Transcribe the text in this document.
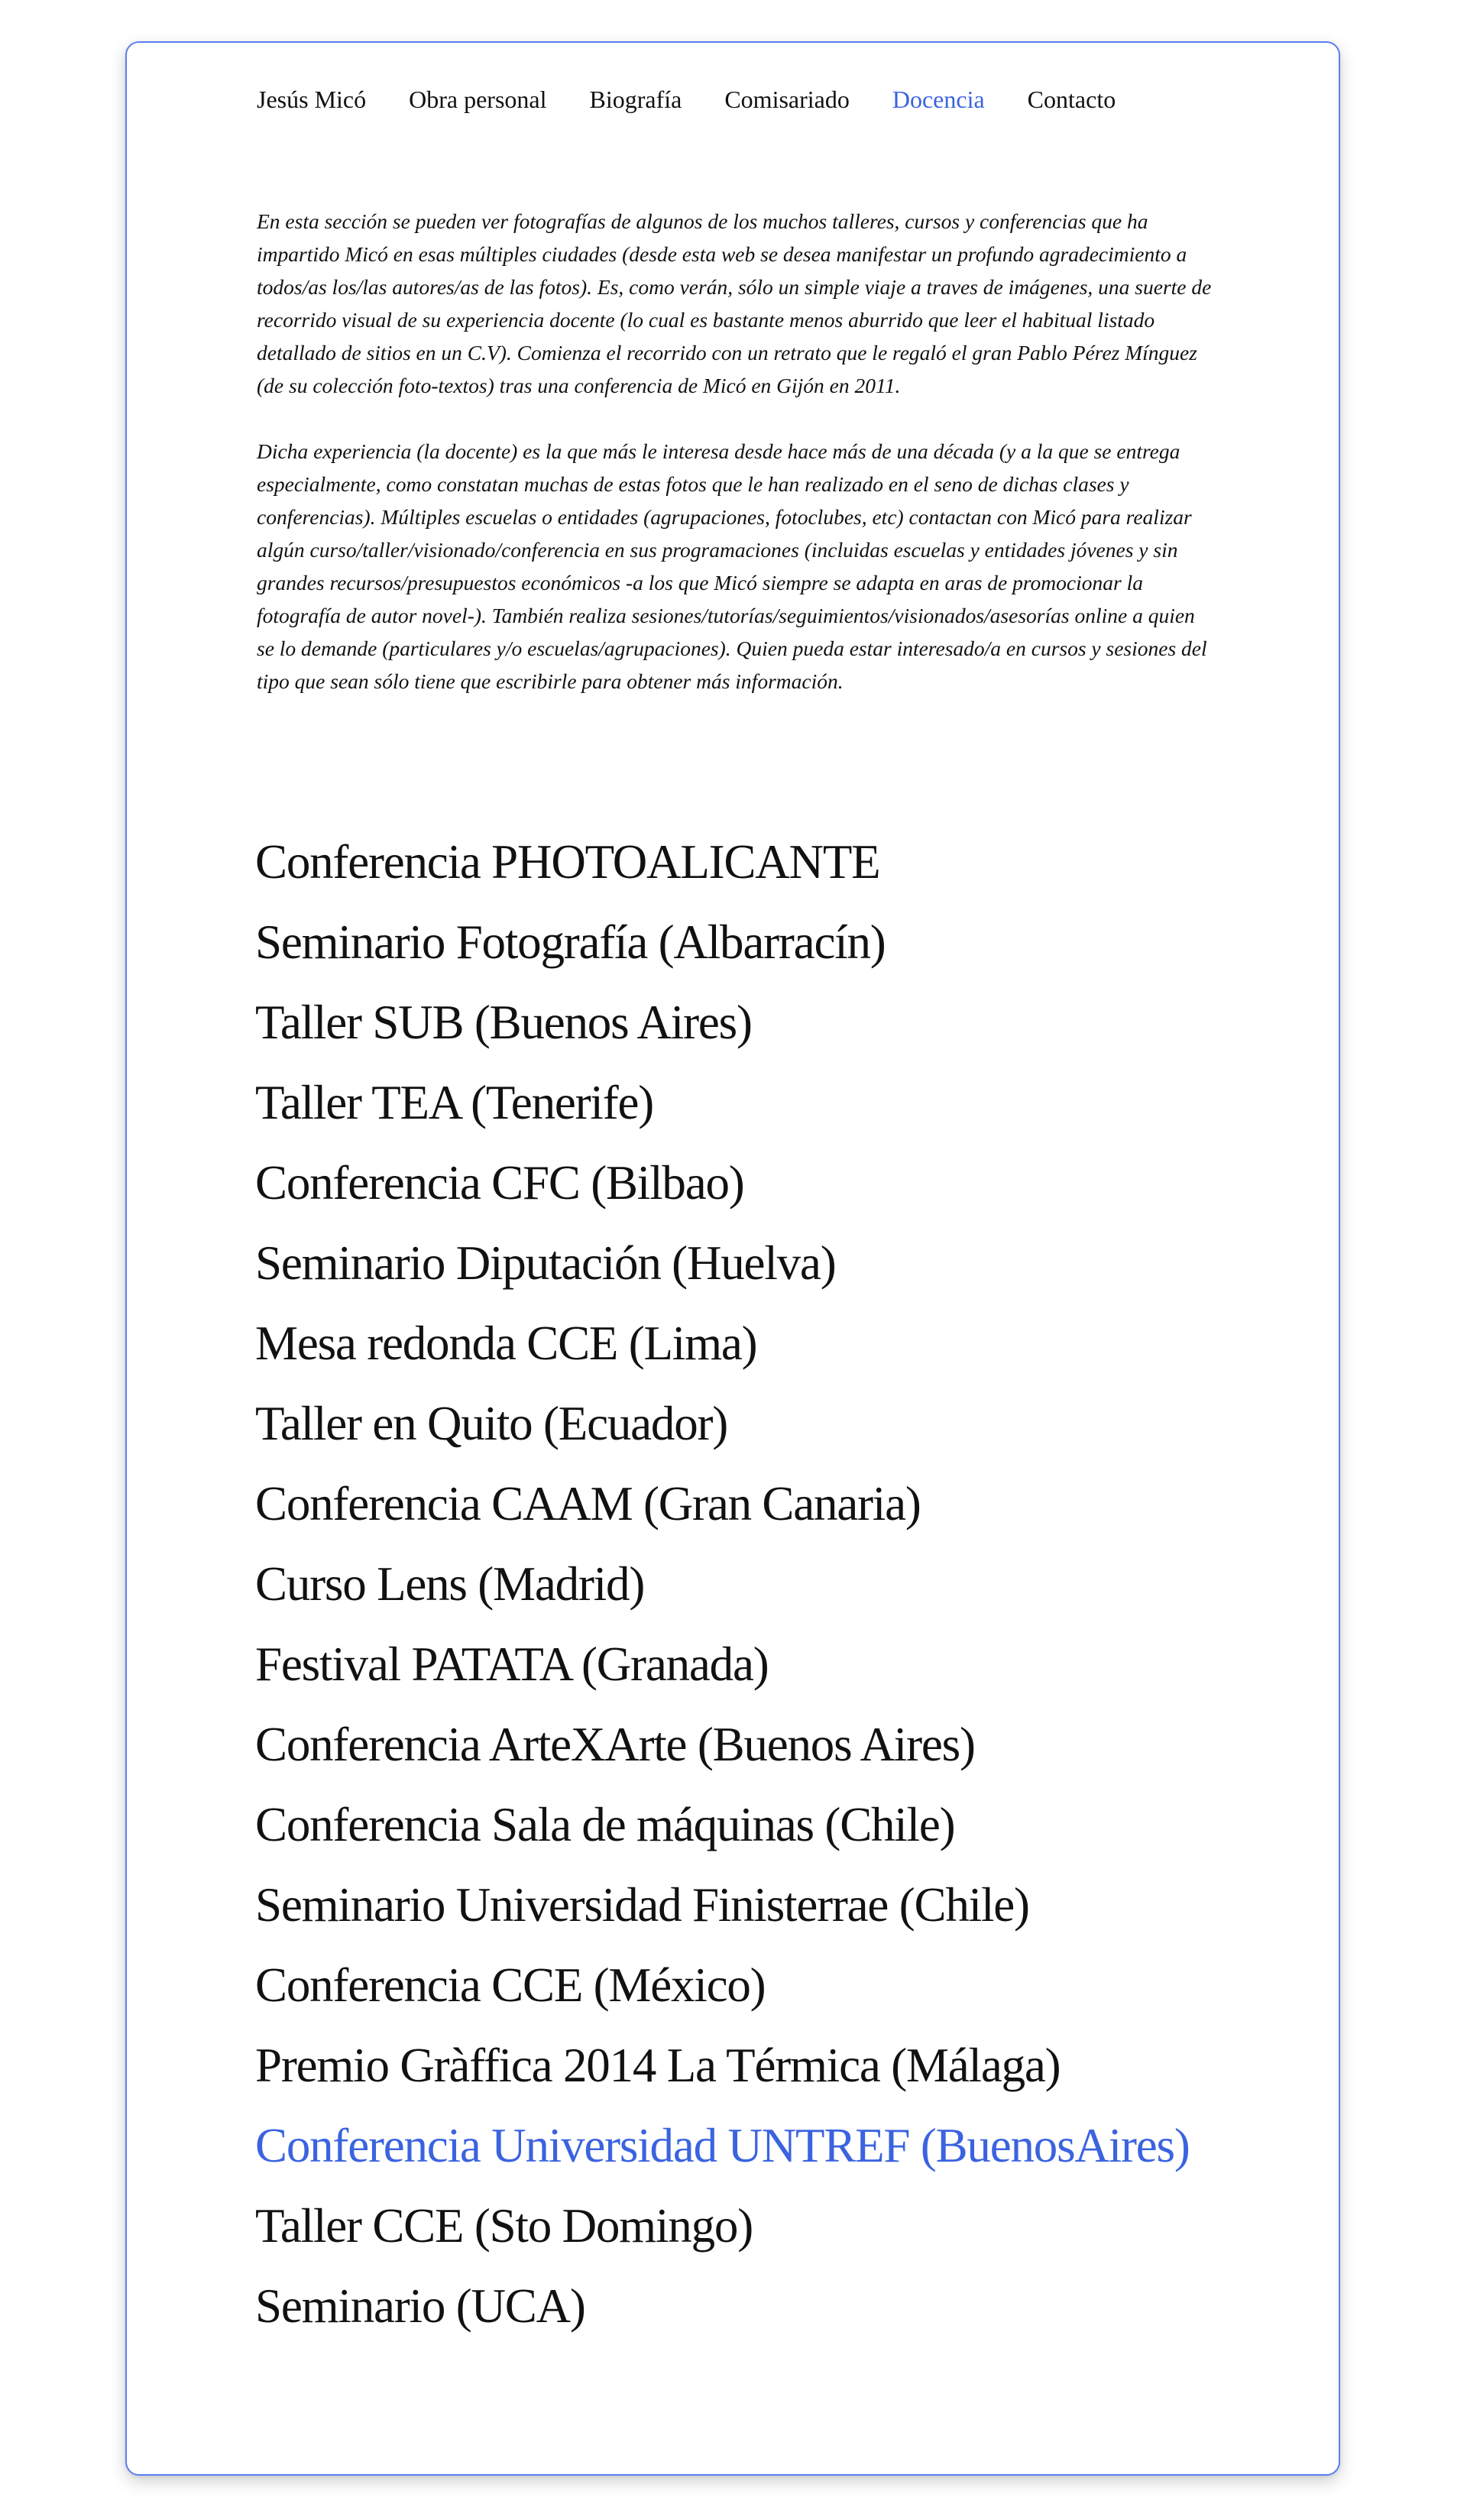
Jesús Micó Obra personal Biografía Comisariado Docencia Contacto

En esta sección se pueden ver fotografías de algunos de los muchos talleres, cursos y conferencias que ha impartido Micó en esas múltiples ciudades (desde esta web se desea manifestar un profundo agradecimiento a todos/as los/las autores/as de las fotos). Es, como verán, sólo un simple viaje a traves de imágenes, una suerte de recorrido visual de su experiencia docente (lo cual es bastante menos aburrido que leer el habitual listado detallado de sitios en un C.V). Comienza el recorrido con un retrato que le regaló el gran Pablo Pérez Mínguez (de su colección foto-textos) tras una conferencia de Micó en Gijón en 2011.

Dicha experiencia (la docente) es la que más le interesa desde hace más de una década (y a la que se entrega especialmente, como constatan muchas de estas fotos que le han realizado en el seno de dichas clases y conferencias). Múltiples escuelas o entidades (agrupaciones, fotoclubes, etc) contactan con Micó para realizar algún curso/taller/visionado/conferencia en sus programaciones (incluidas escuelas y entidades jóvenes y sin grandes recursos/presupuestos económicos -a los que Micó siempre se adapta en aras de promocionar la fotografía de autor novel-). También realiza sesiones/tutorías/seguimientos/visionados/asesorías online a quien se lo demande (particulares y/o escuelas/agrupaciones). Quien pueda estar interesado/a en cursos y sesiones del tipo que sean sólo tiene que escribirle para obtener más información.

Conferencia PHOTOALICANTE
Seminario Fotografía (Albarracín)
Taller SUB (Buenos Aires)
Taller TEA (Tenerife)
Conferencia CFC (Bilbao)
Seminario Diputación (Huelva)
Mesa redonda CCE (Lima)
Taller en Quito (Ecuador)
Conferencia CAAM (Gran Canaria)
Curso Lens (Madrid)
Festival PATATA (Granada)
Conferencia ArteXArte (Buenos Aires)
Conferencia Sala de máquinas (Chile)
Seminario Universidad Finisterrae (Chile)
Conferencia CCE (México)
Premio Gràffica 2014 La Térmica (Málaga)
Conferencia Universidad UNTREF (BuenosAires)
Taller CCE (Sto Domingo)
Seminario (UCA)
